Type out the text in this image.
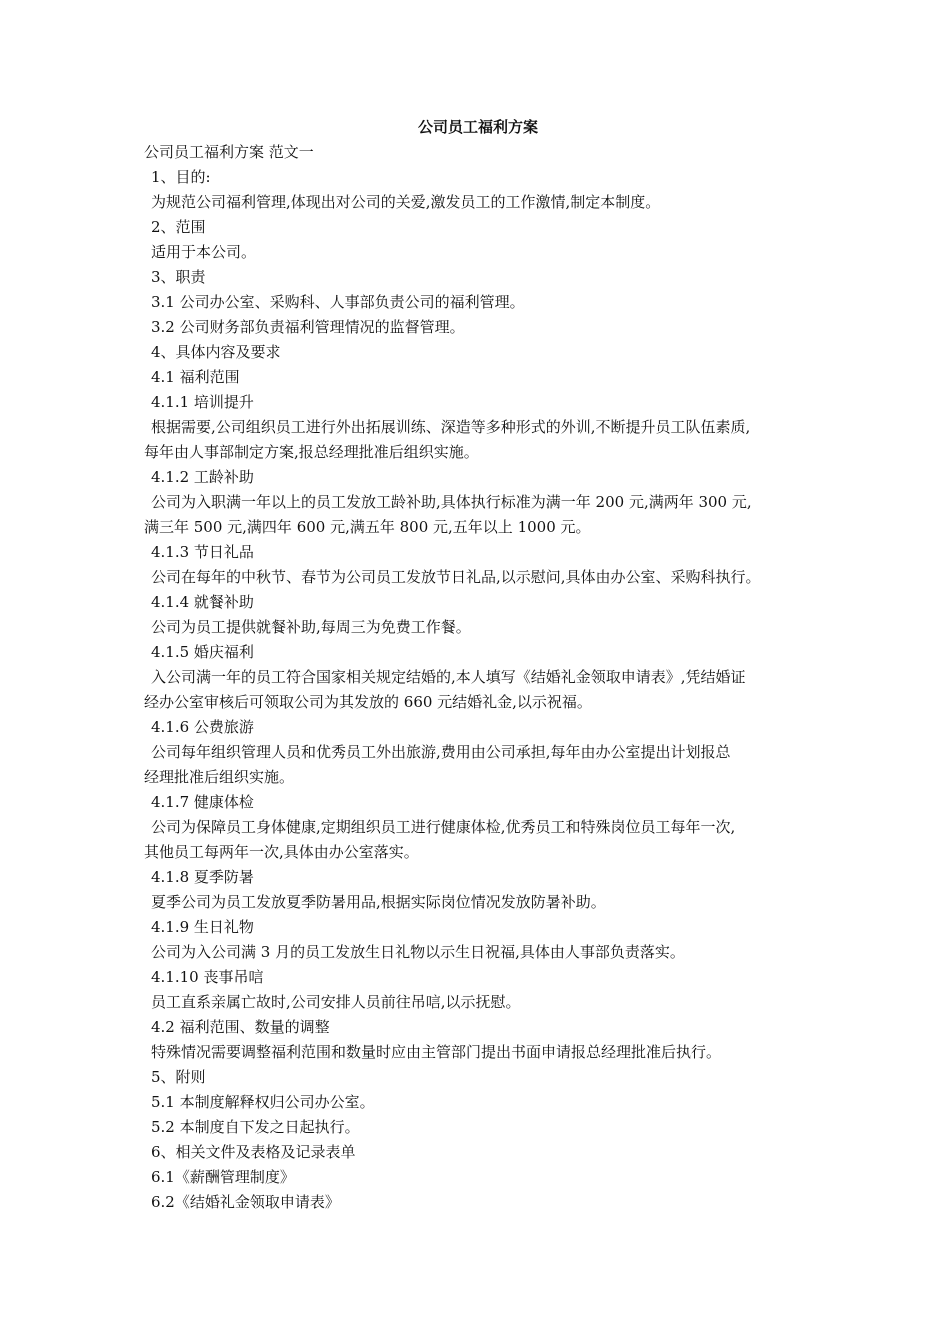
公司员工福利方案

公司员工福利方案 范文一

1、目的:

为规范公司福利管理,体现出对公司的关爱,激发员工的工作激情,制定本制度。

2、范围

适用于本公司。

3、职责

3.1 公司办公室、采购科、人事部负责公司的福利管理。

3.2 公司财务部负责福利管理情况的监督管理。

4、具体内容及要求

4.1 福利范围

4.1.1 培训提升

根据需要,公司组织员工进行外出拓展训练、深造等多种形式的外训,不断提升员工队伍素质,

每年由人事部制定方案,报总经理批准后组织实施。

4.1.2 工龄补助

公司为入职满一年以上的员工发放工龄补助,具体执行标准为满一年 200 元,满两年 300 元,

满三年 500 元,满四年 600 元,满五年 800 元,五年以上 1000 元。

4.1.3 节日礼品

公司在每年的中秋节、春节为公司员工发放节日礼品,以示慰问,具体由办公室、采购科执行。

4.1.4 就餐补助

公司为员工提供就餐补助,每周三为免费工作餐。

4.1.5 婚庆福利

入公司满一年的员工符合国家相关规定结婚的,本人填写《结婚礼金领取申请表》,凭结婚证

经办公室审核后可领取公司为其发放的 660 元结婚礼金,以示祝福。

4.1.6 公费旅游

公司每年组织管理人员和优秀员工外出旅游,费用由公司承担,每年由办公室提出计划报总

经理批准后组织实施。

4.1.7 健康体检

公司为保障员工身体健康,定期组织员工进行健康体检,优秀员工和特殊岗位员工每年一次,

其他员工每两年一次,具体由办公室落实。

4.1.8 夏季防暑

夏季公司为员工发放夏季防暑用品,根据实际岗位情况发放防暑补助。

4.1.9 生日礼物

公司为入公司满 3 月的员工发放生日礼物以示生日祝福,具体由人事部负责落实。

4.1.10 丧事吊唁

员工直系亲属亡故时,公司安排人员前往吊唁,以示抚慰。

4.2 福利范围、数量的调整

特殊情况需要调整福利范围和数量时应由主管部门提出书面申请报总经理批准后执行。

5、附则

5.1 本制度解释权归公司办公室。

5.2 本制度自下发之日起执行。

6、相关文件及表格及记录表单

6.1《薪酬管理制度》

6.2《结婚礼金领取申请表》
